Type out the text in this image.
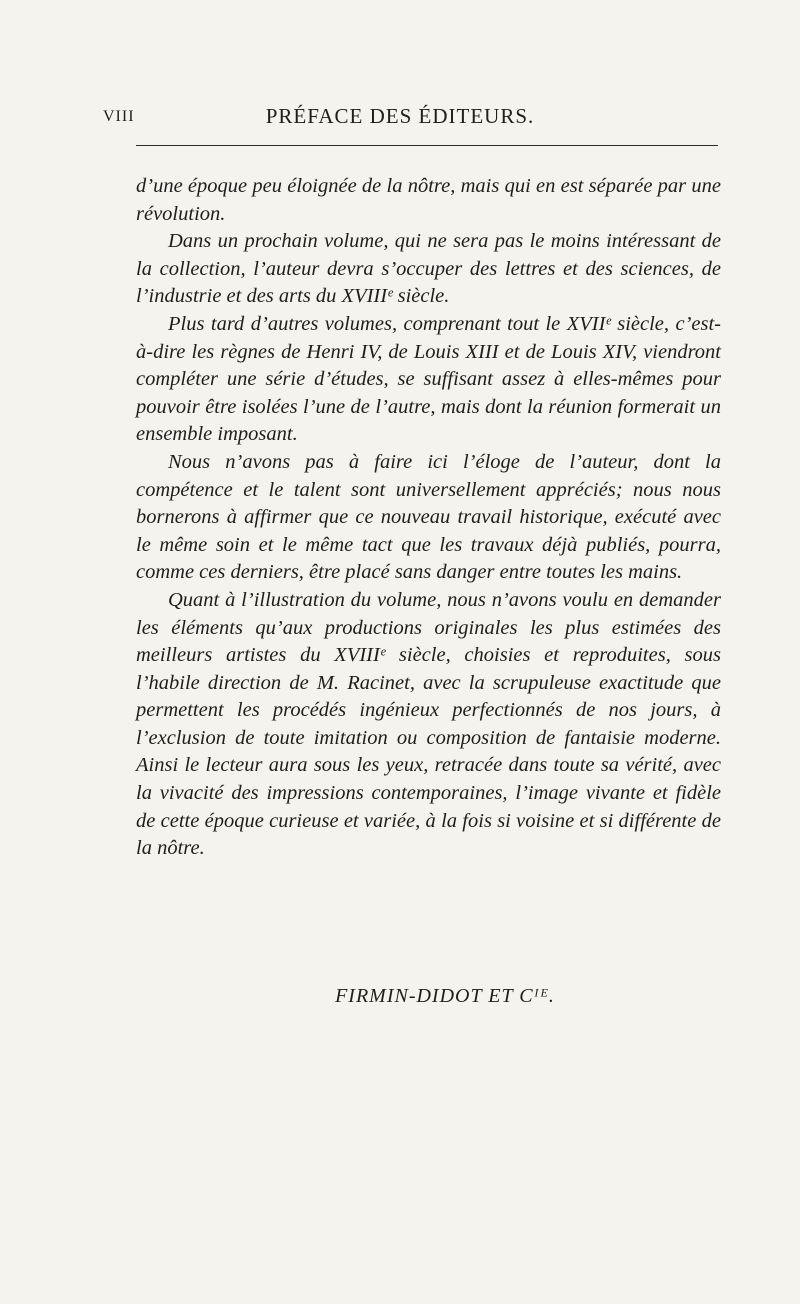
VIII	PRÉFACE DES ÉDITEURS.

d’une époque peu éloignée de la nôtre, mais qui en est séparée par une révolution.

Dans un prochain volume, qui ne sera pas le moins intéressant de la collection, l’auteur devra s’occuper des lettres et des sciences, de l’industrie et des arts du XVIIIᵉ siècle.

Plus tard d’autres volumes, comprenant tout le XVIIᵉ siècle, c’est-à-dire les règnes de Henri IV, de Louis XIII et de Louis XIV, viendront compléter une série d’études, se suffisant assez à elles-mêmes pour pouvoir être isolées l’une de l’autre, mais dont la réunion formerait un ensemble imposant.

Nous n’avons pas à faire ici l’éloge de l’auteur, dont la compétence et le talent sont universellement appréciés; nous nous bornerons à affirmer que ce nouveau travail historique, exécuté avec le même soin et le même tact que les travaux déjà publiés, pourra, comme ces derniers, être placé sans danger entre toutes les mains.

Quant à l’illustration du volume, nous n’avons voulu en demander les éléments qu’aux productions originales les plus estimées des meilleurs artistes du XVIIIᵉ siècle, choisies et reproduites, sous l’habile direction de M. Racinet, avec la scrupuleuse exactitude que permettent les procédés ingénieux perfectionnés de nos jours, à l’exclusion de toute imitation ou composition de fantaisie moderne. Ainsi le lecteur aura sous les yeux, retracée dans toute sa vérité, avec la vivacité des impressions contemporaines, l’image vivante et fidèle de cette époque curieuse et variée, à la fois si voisine et si différente de la nôtre.

FIRMIN-DIDOT ET Cᴵᴱ.
